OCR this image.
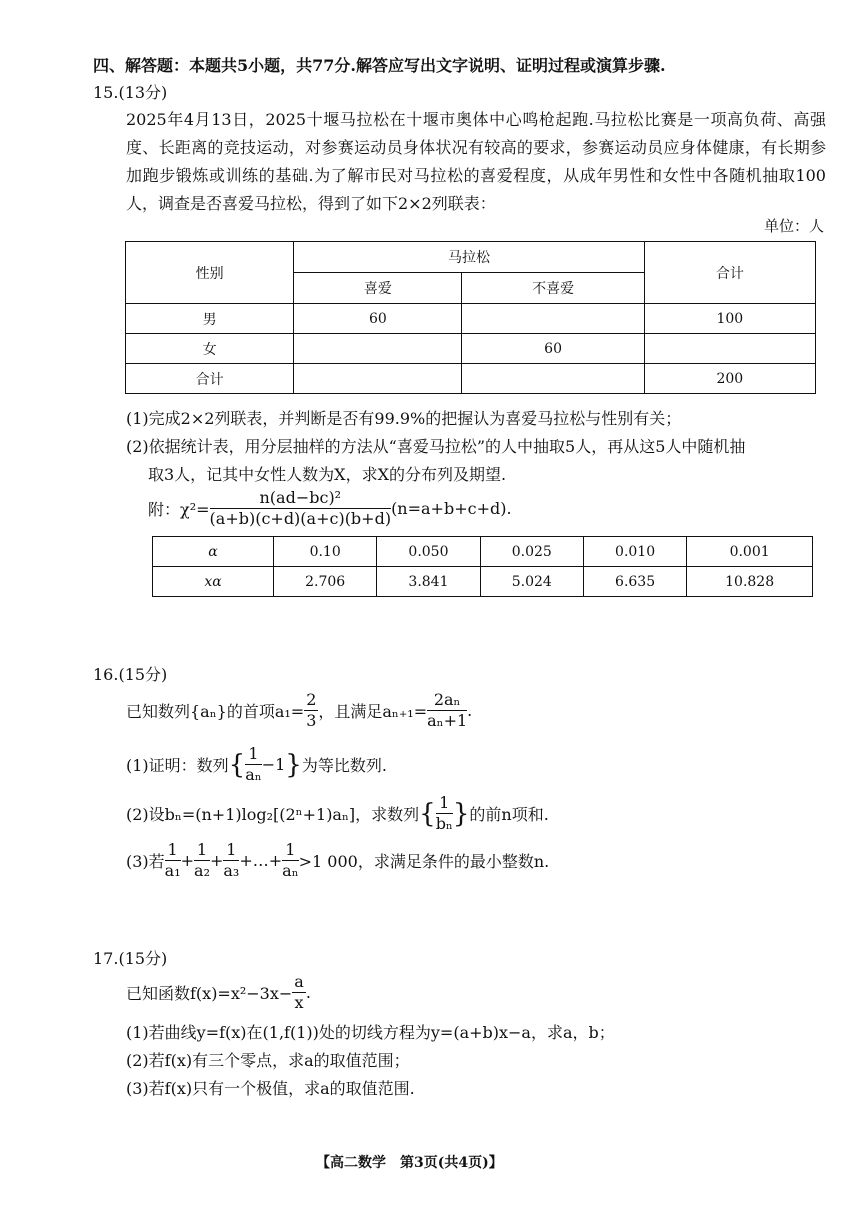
四、解答题：本题共5小题，共77分.解答应写出文字说明、证明过程或演算步骤.
15.(13分)
2025年4月13日，2025十堰马拉松在十堰市奥体中心鸣枪起跑.马拉松比赛是一项高负荷、高强度、长距离的竞技运动，对参赛运动员身体状况有较高的要求，参赛运动员应身体健康，有长期参加跑步锻炼或训练的基础.为了解市民对马拉松的喜爱程度，从成年男性和女性中各随机抽取100人，调查是否喜爱马拉松，得到了如下2×2列联表：
单位：人
性别	马拉松		合计
	喜爱	不喜爱	
男	60		100
女		60	
合计			200
(1)完成2×2列联表，并判断是否有99.9%的把握认为喜爱马拉松与性别有关；
(2)依据统计表，用分层抽样的方法从“喜爱马拉松”的人中抽取5人，再从这5人中随机抽
取3人，记其中女性人数为X，求X的分布列及期望.
附：$\chi^2= \frac{\text{n(ad−bc)²}}{(a+b)(c+d)(a+c)(b+d)} (n=a+b+c+d)$.
α	0.10	0.050	0.025	0.010	0.001
xα	2.706	3.841	5.024	6.635	10.828
16.(15分)
已知数列{aₙ}的首项$a_1= \frac{2}{3}$ ，且满足$a_{n+1}= \frac{\text{2aₙ}}{\text{aₙ+1}}$ .
(1)证明：数列{ $\frac{1}{\text{aₙ}} -1$}为等比数列.
(2)设bₙ=(n+1)log₂[(2ⁿ+1)aₙ]，求数列{ $\frac{1}{\text{bₙ}}$ }的前n项和.
(3)若 $\frac{1}{\text{a₁}} + \frac{1}{\text{a₂}} + \frac{1}{\text{a₃}}$ +…+ $\frac{1}{\text{aₙ}} >1$ 000，求满足条件的最小整数n.
17.(15分)
已知函数$f(x)=x^2-3x- \frac{a}{x}$ .
(1)若曲线y=f(x)在(1,f(1))处的切线方程为y=(a+b)x−a，求a，b；
(2)若f(x)有三个零点，求a的取值范围；
(3)若f(x)只有一个极值，求a的取值范围.
【高二数学　第3页(共4页)】
